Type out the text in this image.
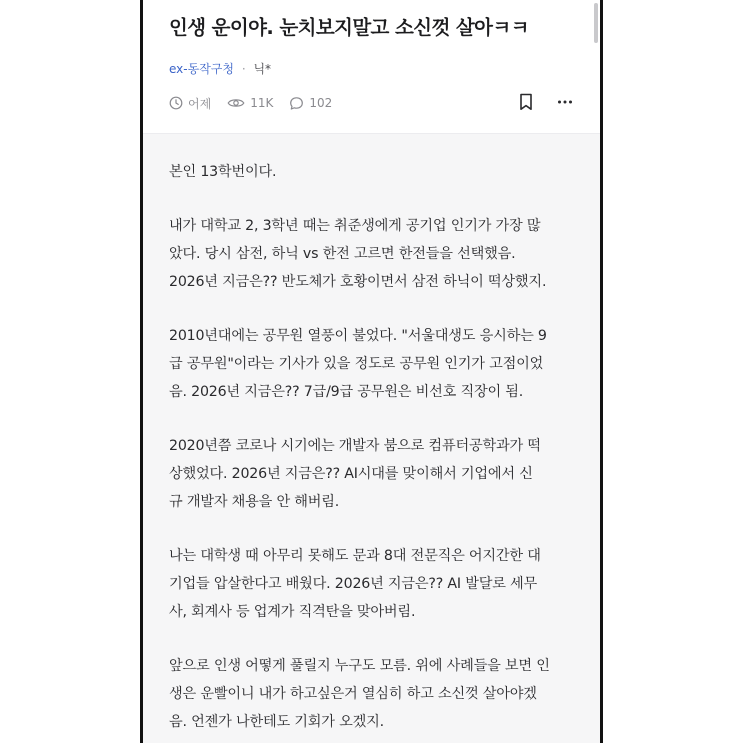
인생 운이야. 눈치보지말고 소신껏 살아ㅋㅋ
ex-동작구청 · 닉*
어제	11K	102
본인 13학번이다.
내가 대학교 2, 3학년 때는 취준생에게 공기업 인기가 가장 많
았다. 당시 삼전, 하닉 vs 한전 고르면 한전들을 선택했음.
2026년 지금은?? 반도체가 호황이면서 삼전 하닉이 떡상했지.
2010년대에는 공무원 열풍이 불었다. "서울대생도 응시하는 9
급 공무원"이라는 기사가 있을 정도로 공무원 인기가 고점이었
음. 2026년 지금은?? 7급/9급 공무원은 비선호 직장이 됨.
2020년쯤 코로나 시기에는 개발자 붐으로 컴퓨터공학과가 떡
상했었다. 2026년 지금은?? AI시대를 맞이해서 기업에서 신
규 개발자 채용을 안 해버림.
나는 대학생 때 아무리 못해도 문과 8대 전문직은 어지간한 대
기업들 압살한다고 배웠다. 2026년 지금은?? AI 발달로 세무
사, 회계사 등 업계가 직격탄을 맞아버림.
앞으로 인생 어떻게 풀릴지 누구도 모름. 위에 사례들을 보면 인
생은 운빨이니 내가 하고싶은거 열심히 하고 소신껏 살아야겠
음. 언젠가 나한테도 기회가 오겠지.
